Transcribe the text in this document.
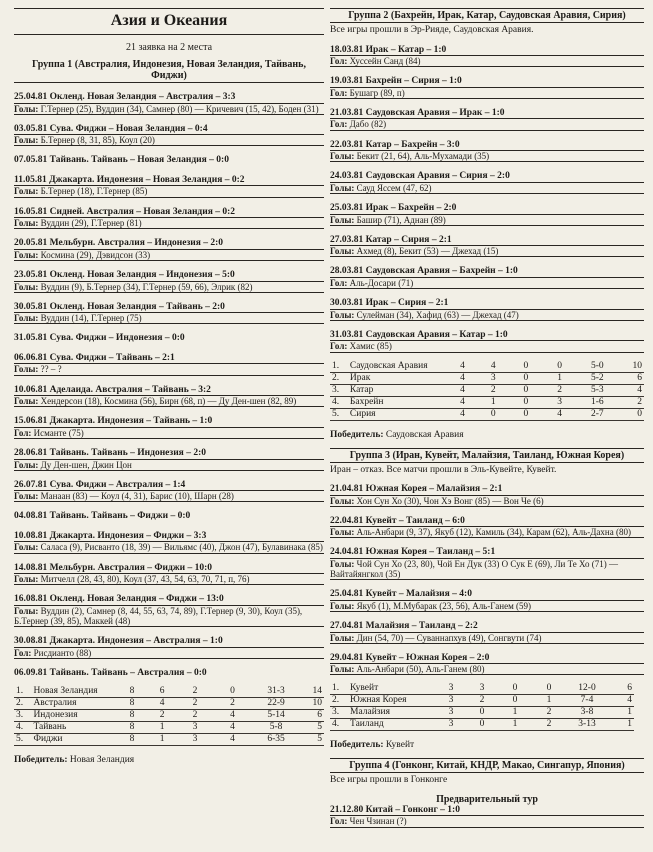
Азия и Океания
21 заявка на 2 места
Группа 1 (Австралия, Индонезия, Новая Зеландия, Тайвань, Фиджи)
25.04.81 Окленд. Новая Зеландия – Австралия – 3:3
Голы: Г.Тернер (25), Вуддин (34), Самнер (80) — Кричевич (15, 42), Боден (31)
03.05.81 Сува. Фиджи – Новая Зеландия – 0:4
Голы: Б.Тернер (8, 31, 85), Коул (20)
07.05.81 Тайвань. Тайвань – Новая Зеландия – 0:0
11.05.81 Джакарта. Индонезия – Новая Зеландия – 0:2
Голы: Б.Тернер (18), Г.Тернер (85)
16.05.81 Сидней. Австралия – Новая Зеландия – 0:2
Голы: Вуддин (29), Г.Тернер (81)
20.05.81 Мельбурн. Австралия – Индонезия – 2:0
Голы: Космина (29), Дэвидсон (33)
23.05.81 Окленд. Новая Зеландия – Индонезия – 5:0
Голы: Вуддин (9), Б.Тернер (34), Г.Тернер (59, 66), Элрик (82)
30.05.81 Окленд. Новая Зеландия – Тайвань – 2:0
Голы: Вуддин (14), Г.Тернер (75)
31.05.81 Сува. Фиджи – Индонезия – 0:0
06.06.81 Сува. Фиджи – Тайвань – 2:1
Голы: ?? – ?
10.06.81 Аделаида. Австралия – Тайвань – 3:2
Голы: Хендерсон (18), Космина (56), Бирн (68, п) — Ду Ден-шен (82, 89)
15.06.81 Джакарта. Индонезия – Тайвань – 1:0
Гол: Исманте (75)
28.06.81 Тайвань. Тайвань – Индонезия – 2:0
Голы: Ду Ден-шен, Джин Цон
26.07.81 Сува. Фиджи – Австралия – 1:4
Голы: Манаан (83) — Коул (4, 31), Барис (10), Шарн (28)
04.08.81 Тайвань. Тайвань – Фиджи – 0:0
10.08.81 Джакарта. Индонезия – Фиджи – 3:3
Голы: Саласа (9), Рисванто (18, 39) — Вильямс (40), Джон (47), Булавинака (85)
14.08.81 Мельбурн. Австралия – Фиджи – 10:0
Голы: Митчелл (28, 43, 80), Коул (37, 43, 54, 63, 70, 71, п, 76)
16.08.81 Окленд. Новая Зеландия – Фиджи – 13:0
Голы: Вуддин (2), Самнер (8, 44, 55, 63, 74, 89), Г.Тернер (9, 30), Коул (35), Б.Тернер (39, 85), Маккей (48)
30.08.81 Джакарта. Индонезия – Австралия – 1:0
Гол: Рисдианто (88)
06.09.81 Тайвань. Тайвань – Австралия – 0:0
1.	Новая Зеландия	8	6	2	0	31-3	14
2.	Австралия	8	4	2	2	22-9	10
3.	Индонезия	8	2	2	4	5-14	6
4.	Тайвань	8	1	3	4	5-8	5
5.	Фиджи	8	1	3	4	6-35	5
Победитель: Новая Зеландия
Группа 2 (Бахрейн, Ирак, Катар, Саудовская Аравия, Сирия)
Все игры прошли в Эр-Рияде, Саудовская Аравия.
18.03.81 Ирак – Катар – 1:0
Гол: Хуссейн Санд (84)
19.03.81 Бахрейн – Сирия – 1:0
Гол: Бушагр (89, п)
21.03.81 Саудовская Аравия – Ирак – 1:0
Гол: Дабо (82)
22.03.81 Катар – Бахрейн – 3:0
Голы: Бекит (21, 64), Аль-Мухамади (35)
24.03.81 Саудовская Аравия – Сирия – 2:0
Голы: Сауд Яссем (47, 62)
25.03.81 Ирак – Бахрейн – 2:0
Голы: Башир (71), Аднан (89)
27.03.81 Катар – Сирия – 2:1
Голы: Ахмед (8), Бекит (53) — Джехад (15)
28.03.81 Саудовская Аравия – Бахрейн – 1:0
Гол: Аль-Досари (71)
30.03.81 Ирак – Сирия – 2:1
Голы: Сулейман (34), Хафид (63) — Джехад (47)
31.03.81 Саудовская Аравия – Катар – 1:0
Гол: Хамис (85)
1.	Саудовская Аравия	4	4	0	0	5-0	10
2.	Ирак	4	3	0	1	5-2	6
3.	Катар	4	2	0	2	5-3	4
4.	Бахрейн	4	1	0	3	1-6	2
5.	Сирия	4	0	0	4	2-7	0
Победитель: Саудовская Аравия
Группа 3 (Иран, Кувейт, Малайзия, Таиланд, Южная Корея)
Иран – отказ. Все матчи прошли в Эль-Кувейте, Кувейт.
21.04.81 Южная Корея – Малайзия – 2:1
Голы: Хон Сун Хо (30), Чон Хэ Вонг (85) — Вон Че (6)
22.04.81 Кувейт – Таиланд – 6:0
Голы: Аль-Анбари (9, 37), Якуб (12), Камиль (34), Карам (62), Аль-Дахна (80)
24.04.81 Южная Корея – Таиланд – 5:1
Голы: Чой Сун Хо (23, 80), Чой Ен Дук (33) О Сук Е (69), Ли Те Хо (71) — Вайтайянгкол (35)
25.04.81 Кувейт – Малайзия – 4:0
Голы: Якуб (1), М.Мубарак (23, 56), Аль-Ганем (59)
27.04.81 Малайзия – Таиланд – 2:2
Голы: Дин (54, 70) — Суваннапхув (49), Сонгвути (74)
29.04.81 Кувейт – Южная Корея – 2:0
Голы: Аль-Анбари (50), Аль-Ганем (80)
1.	Кувейт	3	3	0	0	12-0	6
2.	Южная Корея	3	2	0	1	7-4	4
3.	Малайзия	3	0	1	2	3-8	1
4.	Таиланд	3	0	1	2	3-13	1
Победитель: Кувейт
Группа 4 (Гонконг, Китай, КНДР, Макао, Сингапур, Япония)
Все игры прошли в Гонконге
Предварительный тур
21.12.80 Китай – Гонконг – 1:0
Гол: Чен Чзинан (?)
